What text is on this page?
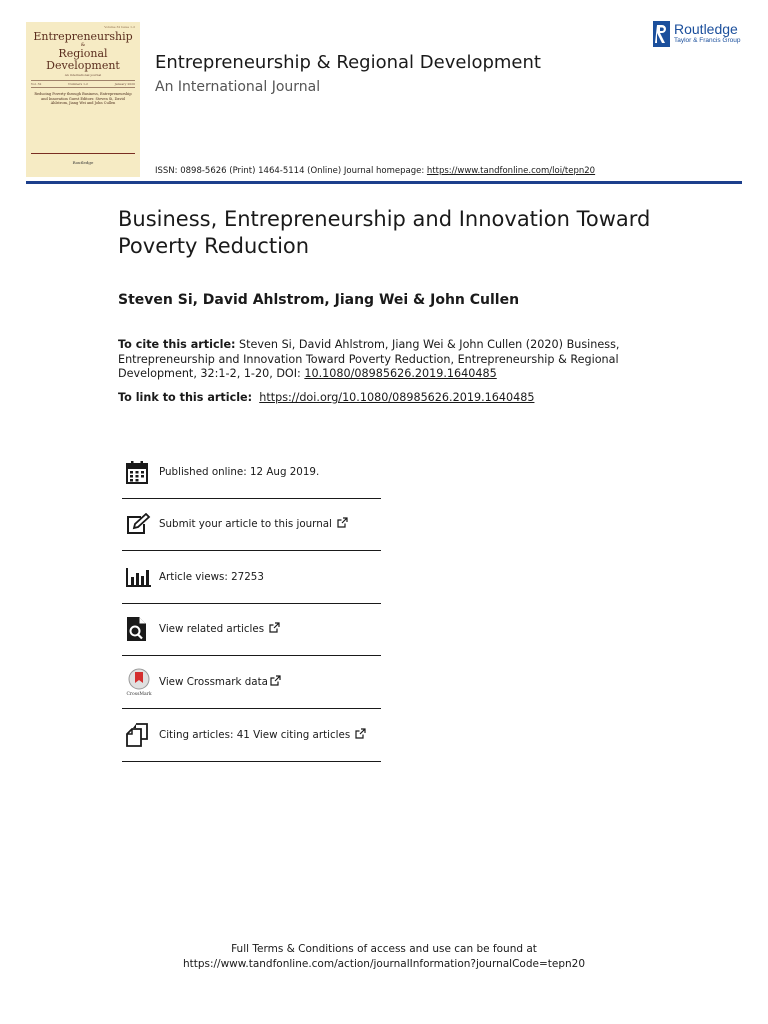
Volume 32 Issue 1-2
Entrepreneurship
&
Regional Development
An international journal
Vol. 32	Numbers 1-2	January 2020
Reducing Poverty through Business, Entrepreneurship and Innovation Guest Editors: Steven Si, David Ahlstrom, Jiang Wei and John Cullen
Routledge
Entrepreneurship & Regional Development
An International Journal
ISSN: 0898-5626 (Print) 1464-5114 (Online) Journal homepage: https://www.tandfonline.com/loi/tepn20
Routledge
Taylor & Francis Group
Business, Entrepreneurship and Innovation Toward Poverty Reduction
Steven Si, David Ahlstrom, Jiang Wei & John Cullen
To cite this article: Steven Si, David Ahlstrom, Jiang Wei & John Cullen (2020) Business, Entrepreneurship and Innovation Toward Poverty Reduction, Entrepreneurship & Regional Development, 32:1-2, 1-20, DOI: 10.1080/08985626.2019.1640485
To link to this article: https://doi.org/10.1080/08985626.2019.1640485
Published online: 12 Aug 2019.
Submit your article to this journal
Article views: 27253
View related articles
CrossMark
View Crossmark data
Citing articles: 41 View citing articles
Full Terms & Conditions of access and use can be found at
https://www.tandfonline.com/action/journalInformation?journalCode=tepn20
